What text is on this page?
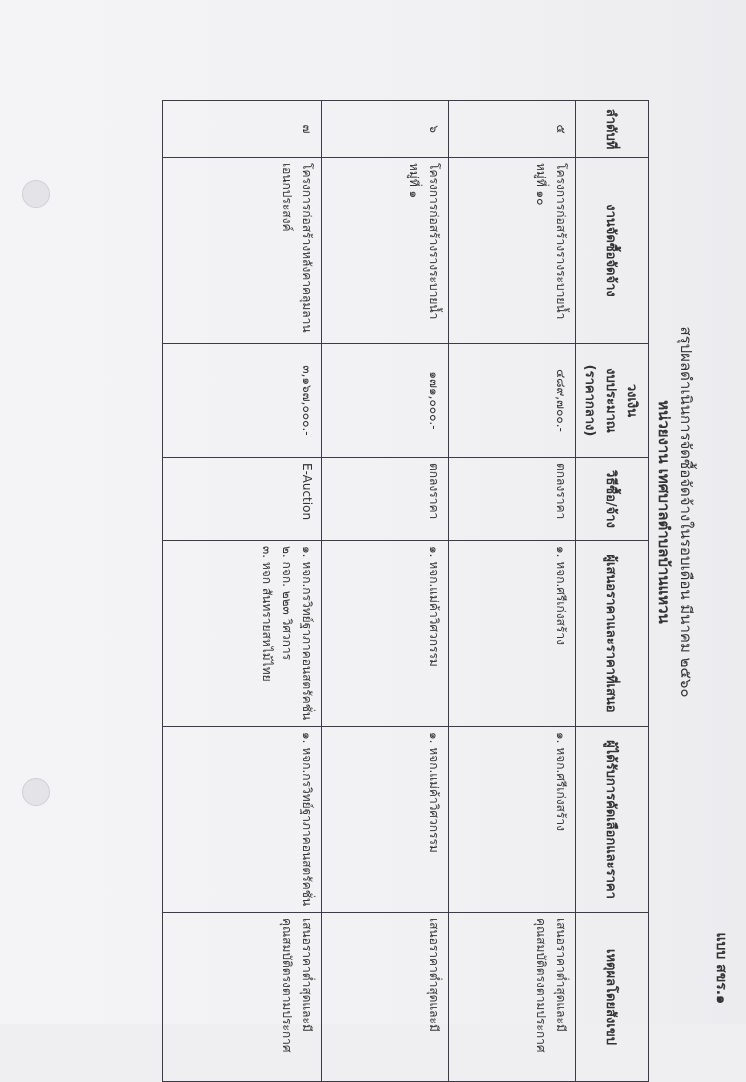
แบบ สขร.๑
สรุปผลดำเนินการจัดซื้อจัดจ้างในรอบเดือน มีนาคม ๒๕๖๐
หน่วยงาน เทศบาลตำบลบ้านแหวน
ลำดับที่	งานจัดซื้อจัดจ้าง	วงเงิน
งบประมาณ
(ราคากลาง)	วิธีซื้อ/จ้าง	ผู้เสนอราคาและราคาที่เสนอ	ผู้ได้รับการคัดเลือกและราคา	เหตุผลโดยสังเขป
๕	โครงการก่อสร้างรางระบายน้ำ หมู่ที่ ๑๐	๔๘๙,๗๐๐.-	ตกลงราคา	๑. หจก.ศรีเก่งสร้าง	๑. หจก.ศรีเก่งสร้าง	เสนอราคาต่ำสุดและมีคุณสมบัติตรงตามประกาศ
๖	โครงการก่อสร้างรางระบายน้ำ หมู่ที่ ๑	๑๗๑,๐๐๐.-	ตกลงราคา	๑. หจก.แม่ค้าวิศวกรรม	๑. หจก.แม่ค้าวิศวกรรม	เสนอราคาต่ำสุดและมี
๗	โครงการก่อสร้างหลังคาคลุมลานเอนกประสงค์	๓,๑๖๗,๐๐๐.-	E-Auction	๑. หจก.กรวิทย์ฐาภาคอนสตรัคชั่น
๒. กจก. ๒๒๓ วิศวการ
๓. หจก สันทรายสหไม้ไทย	๑. หจก.กรวิทย์ฐาภาคอนสตรัคชั่น	เสนอราคาต่ำสุดและมีคุณสมบัติตรงตามประกาศ
